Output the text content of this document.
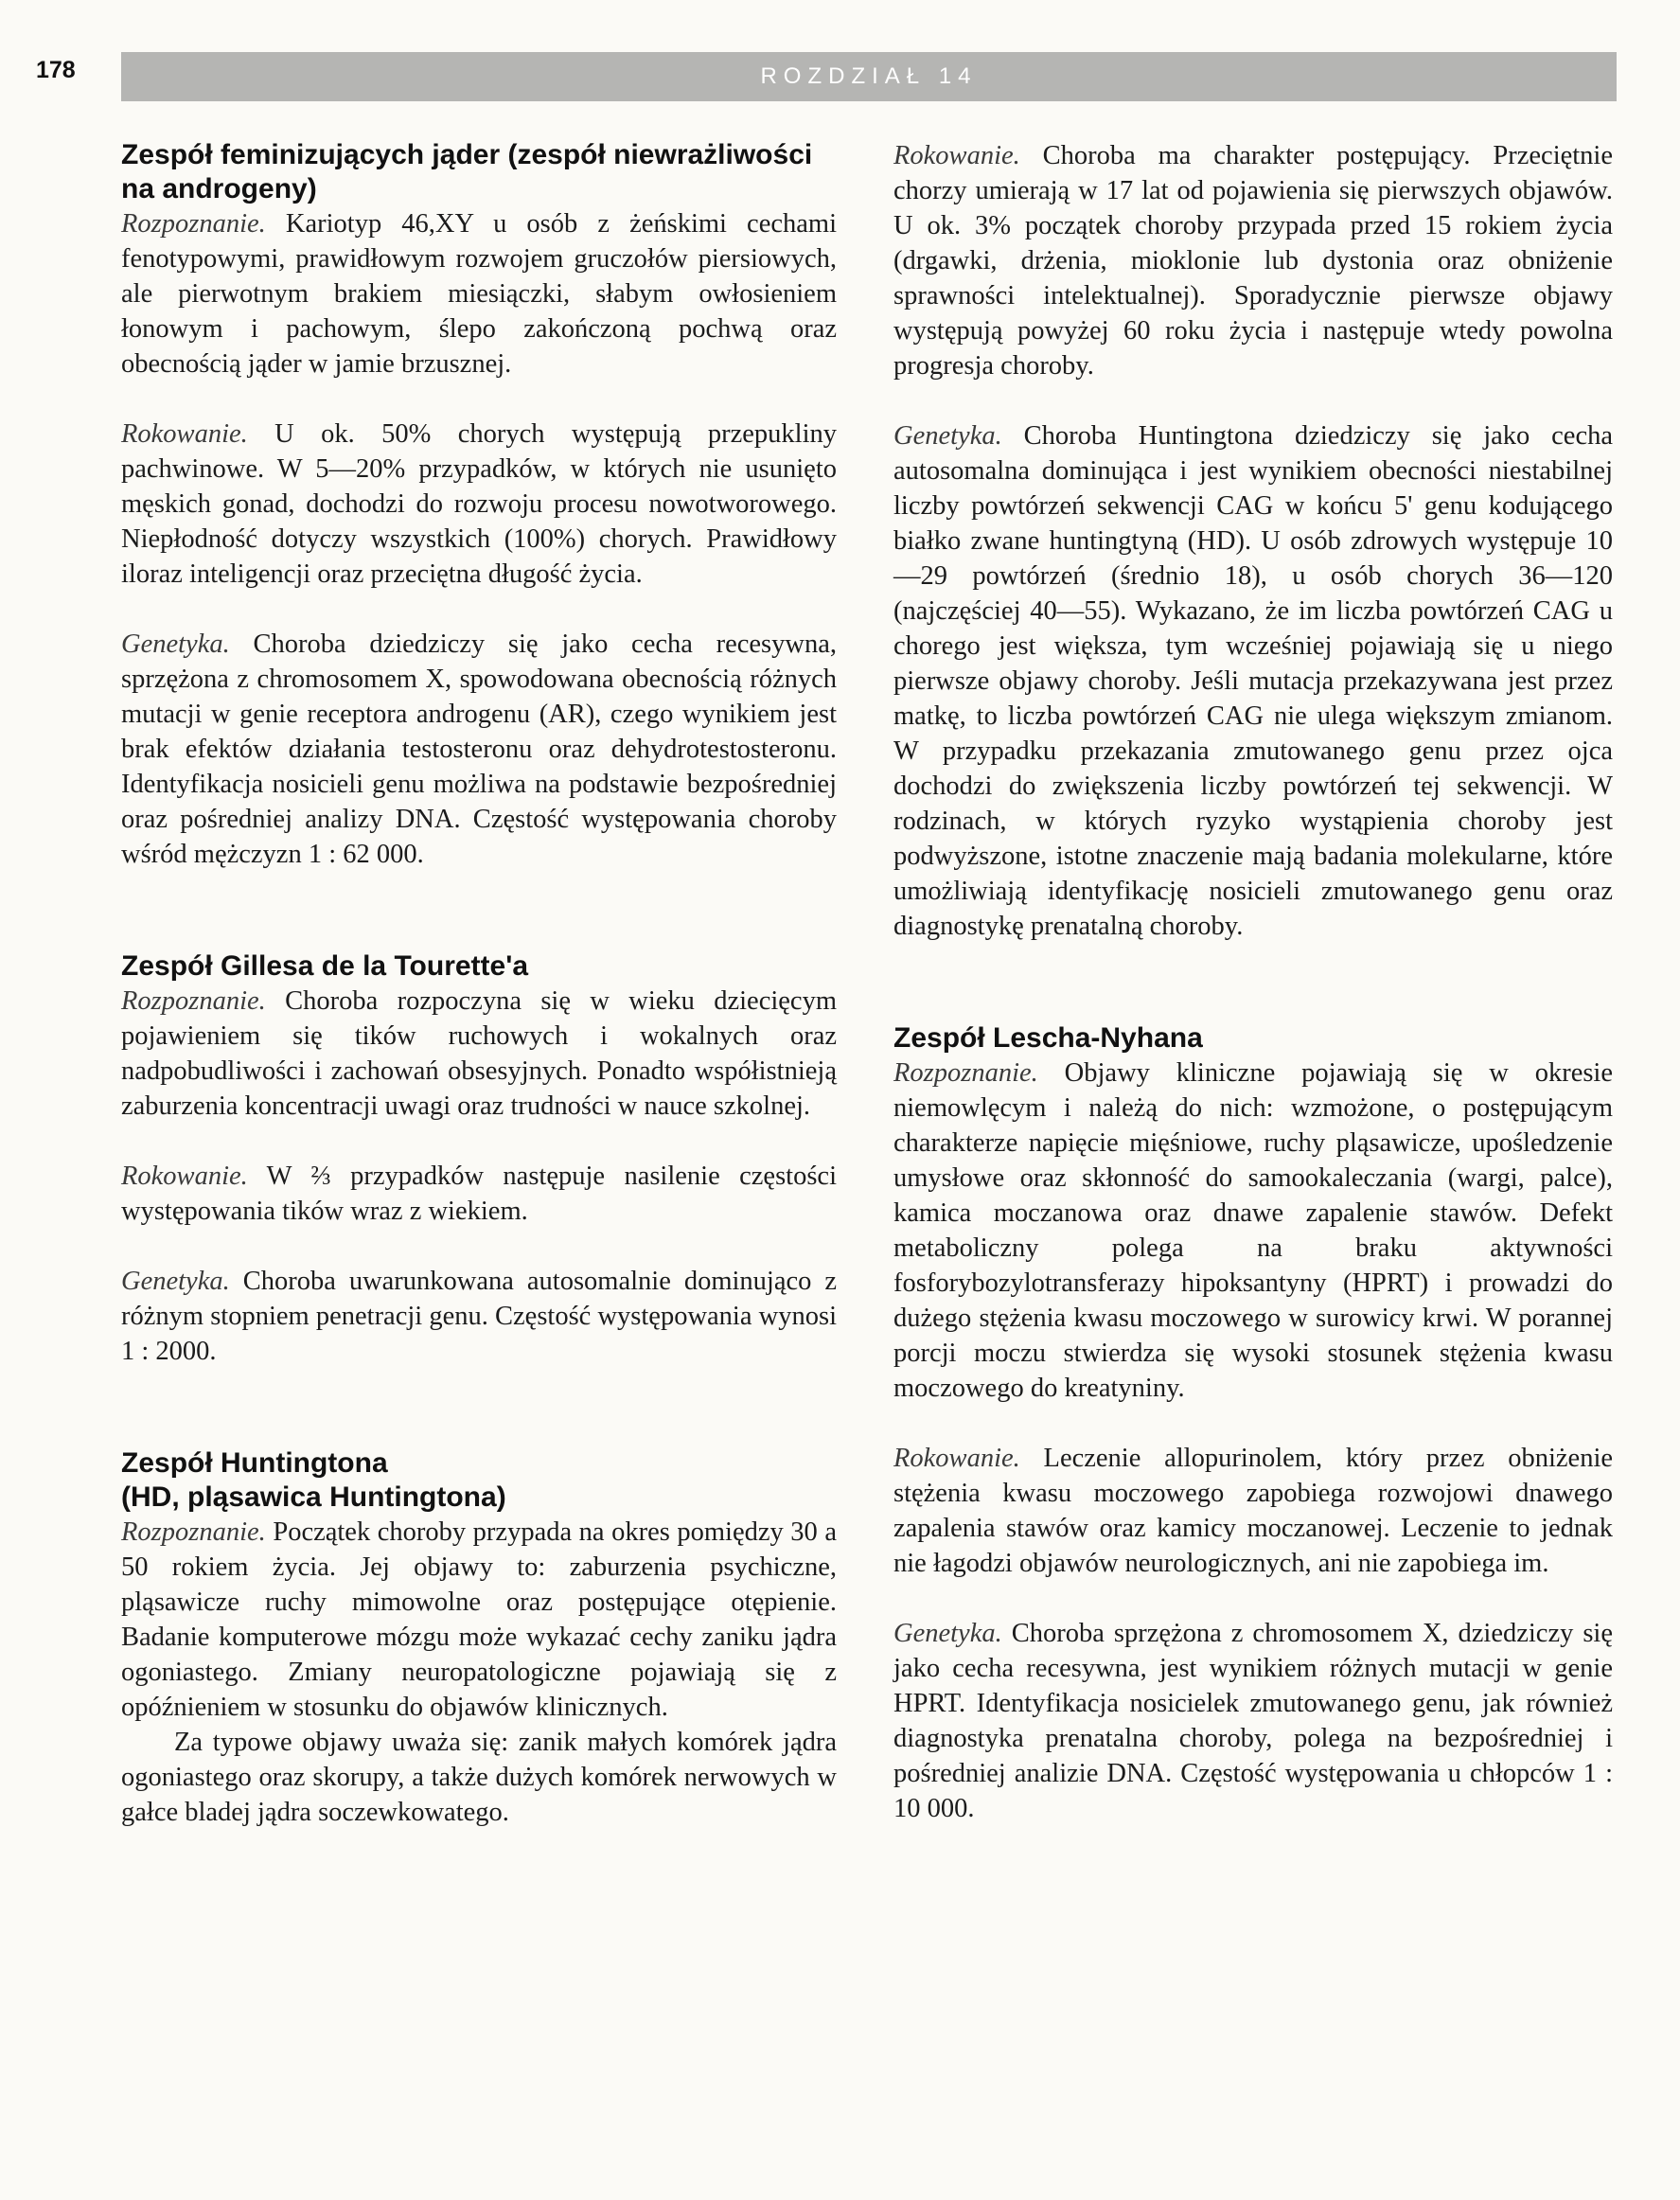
178	ROZDZIAŁ 14
Zespół feminizujących jąder (zespół niewrażliwości na androgeny)

Rozpoznanie. Kariotyp 46,XY u osób z żeńskimi cechami fenotypowymi, prawidłowym rozwojem gruczołów piersiowych, ale pierwotnym brakiem miesiączki, słabym owłosieniem łonowym i pachowym, ślepo zakończoną pochwą oraz obecnością jąder w jamie brzusznej.

Rokowanie. U ok. 50% chorych występują przepukliny pachwinowe. W 5—20% przypadków, w których nie usunięto męskich gonad, dochodzi do rozwoju procesu nowotworowego. Niepłodność dotyczy wszystkich (100%) chorych. Prawidłowy iloraz inteligencji oraz przeciętna długość życia.

Genetyka. Choroba dziedziczy się jako cecha recesywna, sprzężona z chromosomem X, spowodowana obecnością różnych mutacji w genie receptora androgenu (AR), czego wynikiem jest brak efektów działania testosteronu oraz dehydrotestosteronu. Identyfikacja nosicieli genu możliwa na podstawie bezpośredniej oraz pośredniej analizy DNA. Częstość występowania choroby wśród mężczyzn 1 : 62 000.

Zespół Gillesa de la Tourette'a

Rozpoznanie. Choroba rozpoczyna się w wieku dziecięcym pojawieniem się tików ruchowych i wokalnych oraz nadpobudliwości i zachowań obsesyjnych. Ponadto współistnieją zaburzenia koncentracji uwagi oraz trudności w nauce szkolnej.

Rokowanie. W ⅔ przypadków następuje nasilenie częstości występowania tików wraz z wiekiem.

Genetyka. Choroba uwarunkowana autosomalnie dominująco z różnym stopniem penetracji genu. Częstość występowania wynosi 1 : 2000.

Zespół Huntingtona
(HD, pląsawica Huntingtona)

Rozpoznanie. Początek choroby przypada na okres pomiędzy 30 a 50 rokiem życia. Jej objawy to: zaburzenia psychiczne, pląsawicze ruchy mimowolne oraz postępujące otępienie. Badanie komputerowe mózgu może wykazać cechy zaniku jądra ogoniastego. Zmiany neuropatologiczne pojawiają się z opóźnieniem w stosunku do objawów klinicznych.

Za typowe objawy uważa się: zanik małych komórek jądra ogoniastego oraz skorupy, a także dużych komórek nerwowych w gałce bladej jądra soczewkowatego.

Rokowanie. Choroba ma charakter postępujący. Przeciętnie chorzy umierają w 17 lat od pojawienia się pierwszych objawów. U ok. 3% początek choroby przypada przed 15 rokiem życia (drgawki, drżenia, mioklonie lub dystonia oraz obniżenie sprawności intelektualnej). Sporadycznie pierwsze objawy występują powyżej 60 roku życia i następuje wtedy powolna progresja choroby.

Genetyka. Choroba Huntingtona dziedziczy się jako cecha autosomalna dominująca i jest wynikiem obecności niestabilnej liczby powtórzeń sekwencji CAG w końcu 5' genu kodującego białko zwane huntingtyną (HD). U osób zdrowych występuje 10—29 powtórzeń (średnio 18), u osób chorych 36—120 (najczęściej 40—55). Wykazano, że im liczba powtórzeń CAG u chorego jest większa, tym wcześniej pojawiają się u niego pierwsze objawy choroby. Jeśli mutacja przekazywana jest przez matkę, to liczba powtórzeń CAG nie ulega większym zmianom. W przypadku przekazania zmutowanego genu przez ojca dochodzi do zwiększenia liczby powtórzeń tej sekwencji. W rodzinach, w których ryzyko wystąpienia choroby jest podwyższone, istotne znaczenie mają badania molekularne, które umożliwiają identyfikację nosicieli zmutowanego genu oraz diagnostykę prenatalną choroby.

Zespół Lescha-Nyhana

Rozpoznanie. Objawy kliniczne pojawiają się w okresie niemowlęcym i należą do nich: wzmożone, o postępującym charakterze napięcie mięśniowe, ruchy pląsawicze, upośledzenie umysłowe oraz skłonność do samookaleczania (wargi, palce), kamica moczanowa oraz dnawe zapalenie stawów. Defekt metaboliczny polega na braku aktywności fosforybozylotransferazy hipoksantyny (HPRT) i prowadzi do dużego stężenia kwasu moczowego w surowicy krwi. W porannej porcji moczu stwierdza się wysoki stosunek stężenia kwasu moczowego do kreatyniny.

Rokowanie. Leczenie allopurinolem, który przez obniżenie stężenia kwasu moczowego zapobiega rozwojowi dnawego zapalenia stawów oraz kamicy moczanowej. Leczenie to jednak nie łagodzi objawów neurologicznych, ani nie zapobiega im.

Genetyka. Choroba sprzężona z chromosomem X, dziedziczy się jako cecha recesywna, jest wynikiem różnych mutacji w genie HPRT. Identyfikacja nosicielek zmutowanego genu, jak również diagnostyka prenatalna choroby, polega na bezpośredniej i pośredniej analizie DNA. Częstość występowania u chłopców 1 : 10 000.
